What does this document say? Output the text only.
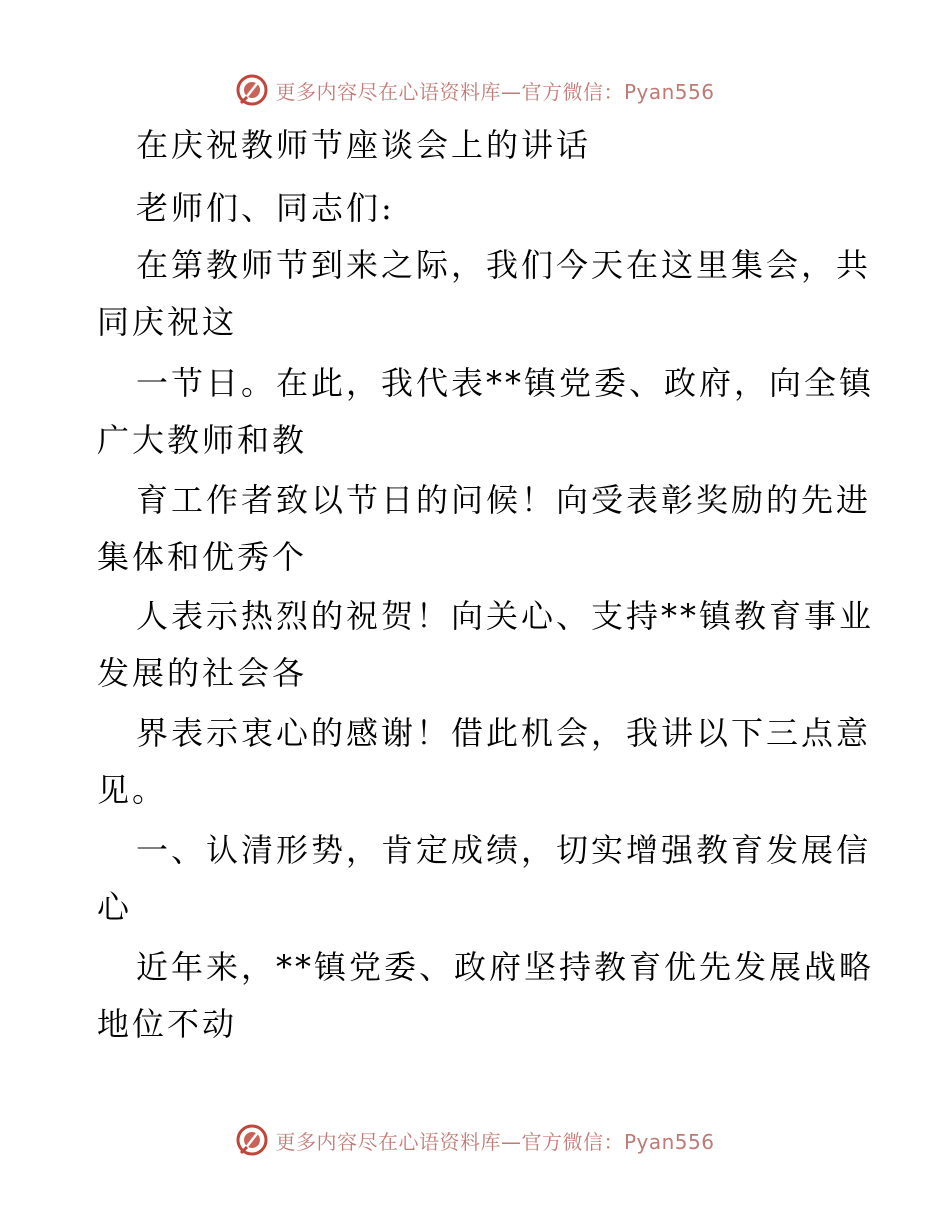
更多内容尽在心语资料库—官方微信：Pyan556
在庆祝教师节座谈会上的讲话
老师们、同志们:
在第教师节到来之际，我们今天在这里集会，共
同庆祝这
一节日。在此，我代表**镇党委、政府，向全镇
广大教师和教
育工作者致以节日的问候！向受表彰奖励的先进
集体和优秀个
人表示热烈的祝贺！向关心、支持**镇教育事业
发展的社会各
界表示衷心的感谢！借此机会，我讲以下三点意
见。
一、认清形势，肯定成绩，切实增强教育发展信
心
近年来，**镇党委、政府坚持教育优先发展战略
地位不动
更多内容尽在心语资料库—官方微信：Pyan556
